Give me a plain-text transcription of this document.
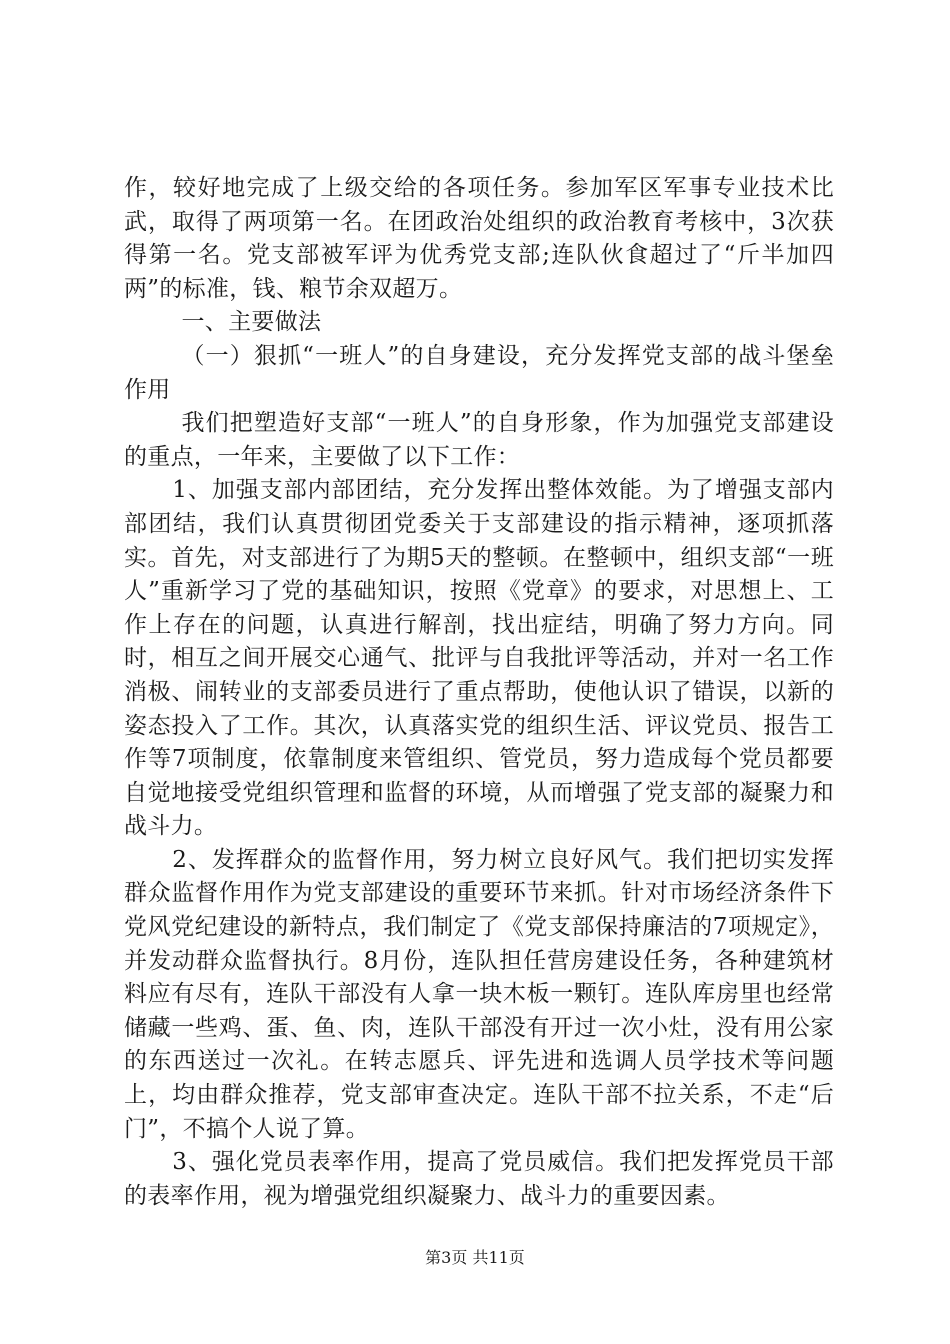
作，较好地完成了上级交给的各项任务。参加军区军事专业技术比武，取得了两项第一名。在团政治处组织的政治教育考核中，3次获得第一名。党支部被军评为优秀党支部;连队伙食超过了“斤半加四两”的标准，钱、粮节余双超万。

一、主要做法

（一）狠抓“一班人”的自身建设，充分发挥党支部的战斗堡垒作用

我们把塑造好支部“一班人”的自身形象，作为加强党支部建设的重点，一年来，主要做了以下工作：

1、加强支部内部团结，充分发挥出整体效能。为了增强支部内部团结，我们认真贯彻团党委关于支部建设的指示精神，逐项抓落实。首先，对支部进行了为期5天的整顿。在整顿中，组织支部“一班人”重新学习了党的基础知识，按照《党章》的要求，对思想上、工作上存在的问题，认真进行解剖，找出症结，明确了努力方向。同时，相互之间开展交心通气、批评与自我批评等活动，并对一名工作消极、闹转业的支部委员进行了重点帮助，使他认识了错误，以新的姿态投入了工作。其次，认真落实党的组织生活、评议党员、报告工作等7项制度，依靠制度来管组织、管党员，努力造成每个党员都要自觉地接受党组织管理和监督的环境，从而增强了党支部的凝聚力和战斗力。

2、发挥群众的监督作用，努力树立良好风气。我们把切实发挥群众监督作用作为党支部建设的重要环节来抓。针对市场经济条件下党风党纪建设的新特点，我们制定了《党支部保持廉洁的7项规定》，并发动群众监督执行。8月份，连队担任营房建设任务，各种建筑材料应有尽有，连队干部没有人拿一块木板一颗钉。连队库房里也经常储藏一些鸡、蛋、鱼、肉，连队干部没有开过一次小灶，没有用公家的东西送过一次礼。在转志愿兵、评先进和选调人员学技术等问题上，均由群众推荐，党支部审查决定。连队干部不拉关系，不走“后门”，不搞个人说了算。

3、强化党员表率作用，提高了党员威信。我们把发挥党员干部的表率作用，视为增强党组织凝聚力、战斗力的重要因素。

第3页 共11页
